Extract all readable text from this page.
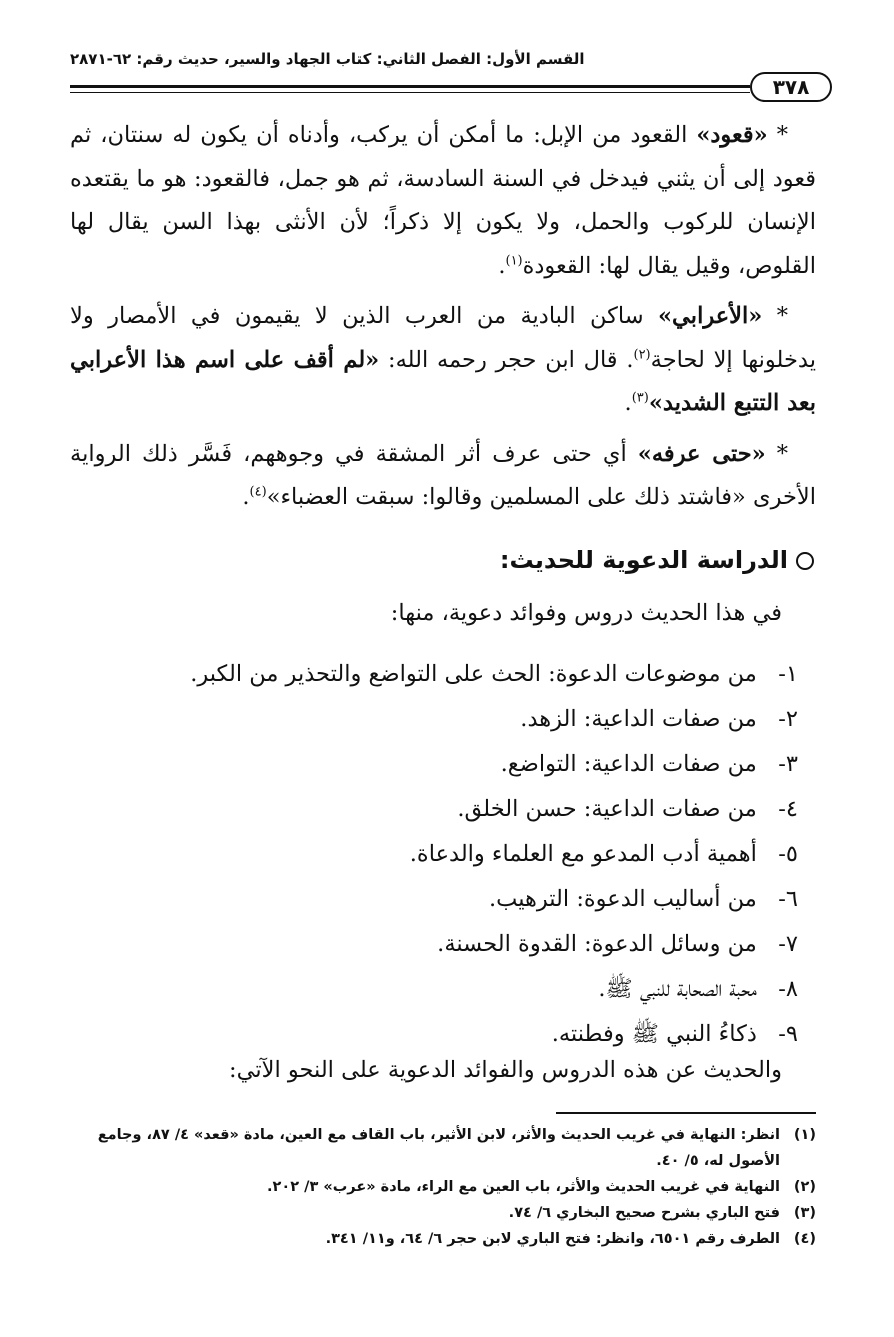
القسم الأول: الفصل الثاني: كتاب الجهاد والسير، حديث رقم: ٦٢-٢٨٧١
٣٧٨

* «قعود» القعود من الإبل: ما أمكن أن يركب، وأدناه أن يكون له سنتان، ثم قعود إلى أن يثني فيدخل في السنة السادسة، ثم هو جمل، فالقعود: هو ما يقتعده الإنسان للركوب والحمل، ولا يكون إلا ذكراً؛ لأن الأنثى بهذا السن يقال لها القلوص، وقيل يقال لها: القعودة$^{(١)}$.

* «الأعرابي» ساكن البادية من العرب الذين لا يقيمون في الأمصار ولا يدخلونها إلا لحاجة$^{(٢)}$. قال ابن حجر رحمه الله: «لم أقف على اسم هذا الأعرابي بعد التتبع الشديد»$^{(٣)}$.

* «حتى عرفه» أي حتى عرف أثر المشقة في وجوههم، فَسَّر ذلك الرواية الأخرى «فاشتد ذلك على المسلمين وقالوا: سبقت العضباء»$^{(٤)}$.

الدراسة الدعوية للحديث:
في هذا الحديث دروس وفوائد دعوية، منها:
١- من موضوعات الدعوة: الحث على التواضع والتحذير من الكبر.
٢- من صفات الداعية: الزهد.
٣- من صفات الداعية: التواضع.
٤- من صفات الداعية: حسن الخلق.
٥- أهمية أدب المدعو مع العلماء والدعاة.
٦- من أساليب الدعوة: الترهيب.
٧- من وسائل الدعوة: القدوة الحسنة.
٨- محبة الصحابة للنبي ﷺ.
٩- ذكاءُ النبي ﷺ وفطنته.
والحديث عن هذه الدروس والفوائد الدعوية على النحو الآتي:
(١)
انظر: النهاية في غريب الحديث والأثر، لابن الأثير، باب القاف مع العين، مادة «قعد» ٤/ ٨٧، وجامع الأصول له، ٥/ ٤٠.
(٢)
النهاية في غريب الحديث والأثر، باب العين مع الراء، مادة «عرب» ٣/ ٢٠٢.
(٣)
فتح الباري بشرح صحيح البخاري ٦/ ٧٤.
(٤)
الطرف رقم ٦٥٠١، وانظر: فتح الباري لابن حجر ٦/ ٦٤، و١١/ ٣٤١.
